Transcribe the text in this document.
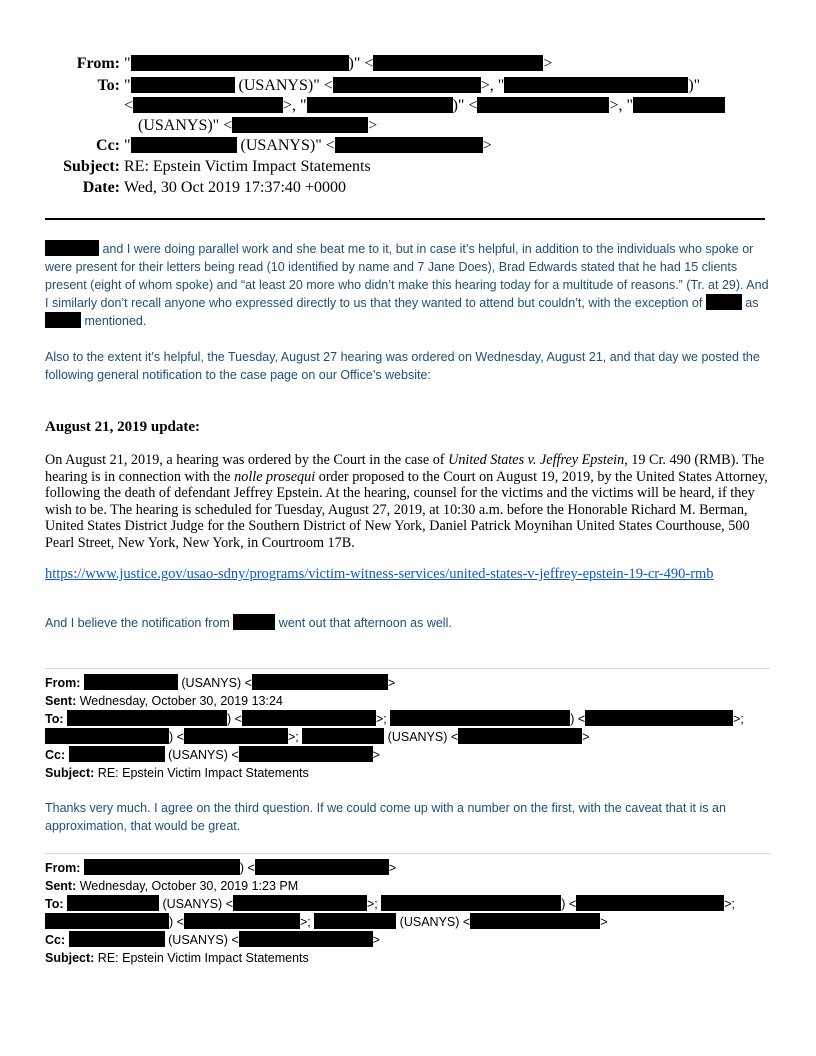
From: "	)" <	>
To: "	(USANYS)" <	>, "	)"
<	>, "	)" <	>, "
(USANYS)" <	>
Cc: "	(USANYS)" <	>
Subject: RE: Epstein Victim Impact Statements
Date: Wed, 30 Oct 2019 17:37:40 +0000
and I were doing parallel work and she beat me to it, but in case it’s helpful, in addition to the individuals who spoke or were present for their letters being read (10 identified by name and 7 Jane Does), Brad Edwards stated that he had 15 clients present (eight of whom spoke) and “at least 20 more who didn’t make this hearing today for a multitude of reasons.” (Tr. at 29). And I similarly don’t recall anyone who expressed directly to us that they wanted to attend but couldn’t, with the exception of	as  mentioned.
Also to the extent it’s helpful, the Tuesday, August 27 hearing was ordered on Wednesday, August 21, and that day we posted the following general notification to the case page on our Office’s website:
August 21, 2019 update:
On August 21, 2019, a hearing was ordered by the Court in the case of United States v. Jeffrey Epstein, 19 Cr. 490 (RMB). The hearing is in connection with the nolle prosequi order proposed to the Court on August 19, 2019, by the United States Attorney, following the death of defendant Jeffrey Epstein. At the hearing, counsel for the victims and the victims will be heard, if they wish to be. The hearing is scheduled for Tuesday, August 27, 2019, at 10:30 a.m. before the Honorable Richard M. Berman, United States District Judge for the Southern District of New York, Daniel Patrick Moynihan United States Courthouse, 500 Pearl Street, New York, New York, in Courtroom 17B.
https://www.justice.gov/usao-sdny/programs/victim-witness-services/united-states-v-jeffrey-epstein-19-cr-490-rmb
And I believe the notification from	went out that afternoon as well.
From:	(USANYS) <	>
Sent: Wednesday, October 30, 2019 13:24
To:	) <	>;	) <	>;
) <	>;	(USANYS) <	>
Cc:	(USANYS) <	>
Subject: RE: Epstein Victim Impact Statements
Thanks very much. I agree on the third question. If we could come up with a number on the first, with the caveat that it is an approximation, that would be great.
From:	) <	>
Sent: Wednesday, October 30, 2019 1:23 PM
To:	(USANYS) <	>;	) <	>;
) <	>;	(USANYS) <	>
Cc:	(USANYS) <	>
Subject: RE: Epstein Victim Impact Statements
